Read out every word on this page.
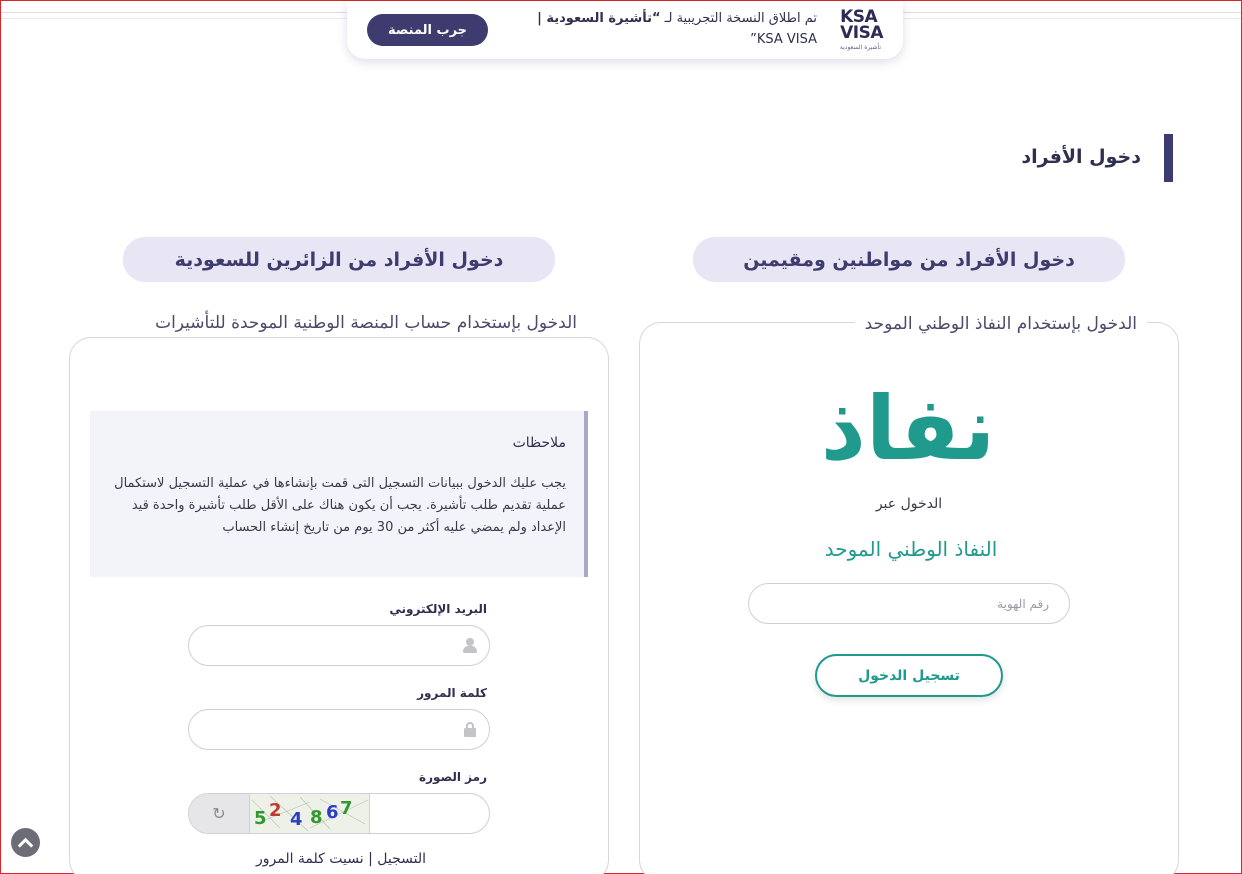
KSA
VISA
تأشيرة السعودية
تم اطلاق النسخة التجريبية لـ “تأشيرة السعودية |
KSA VISA”
جرب المنصة
دخول الأفراد
دخول الأفراد من مواطنين ومقيمين
دخول الأفراد من الزائرين للسعودية
الدخول بإستخدام النفاذ الوطني الموحد
نفاذ
الدخول عبر
النفاذ الوطني الموحد
رقم الهوية
تسجيل الدخول
الدخول بإستخدام حساب المنصة الوطنية الموحدة للتأشيرات
ملاحظات
يجب عليك الدخول ببيانات التسجيل التى قمت بإنشاءها في عملية التسجيل لاستكمال عملية تقديم طلب تأشيرة. يجب أن يكون هناك على الأقل طلب تأشيرة واحدة قيد الإعداد ولم يمضي عليه أكثر من 30 يوم من تاريخ إنشاء الحساب
البريد الإلكتروني
كلمة المرور
رمز الصورة
↻	5 2 4 8 6 7
التسجيل | نسيت كلمة المرور
